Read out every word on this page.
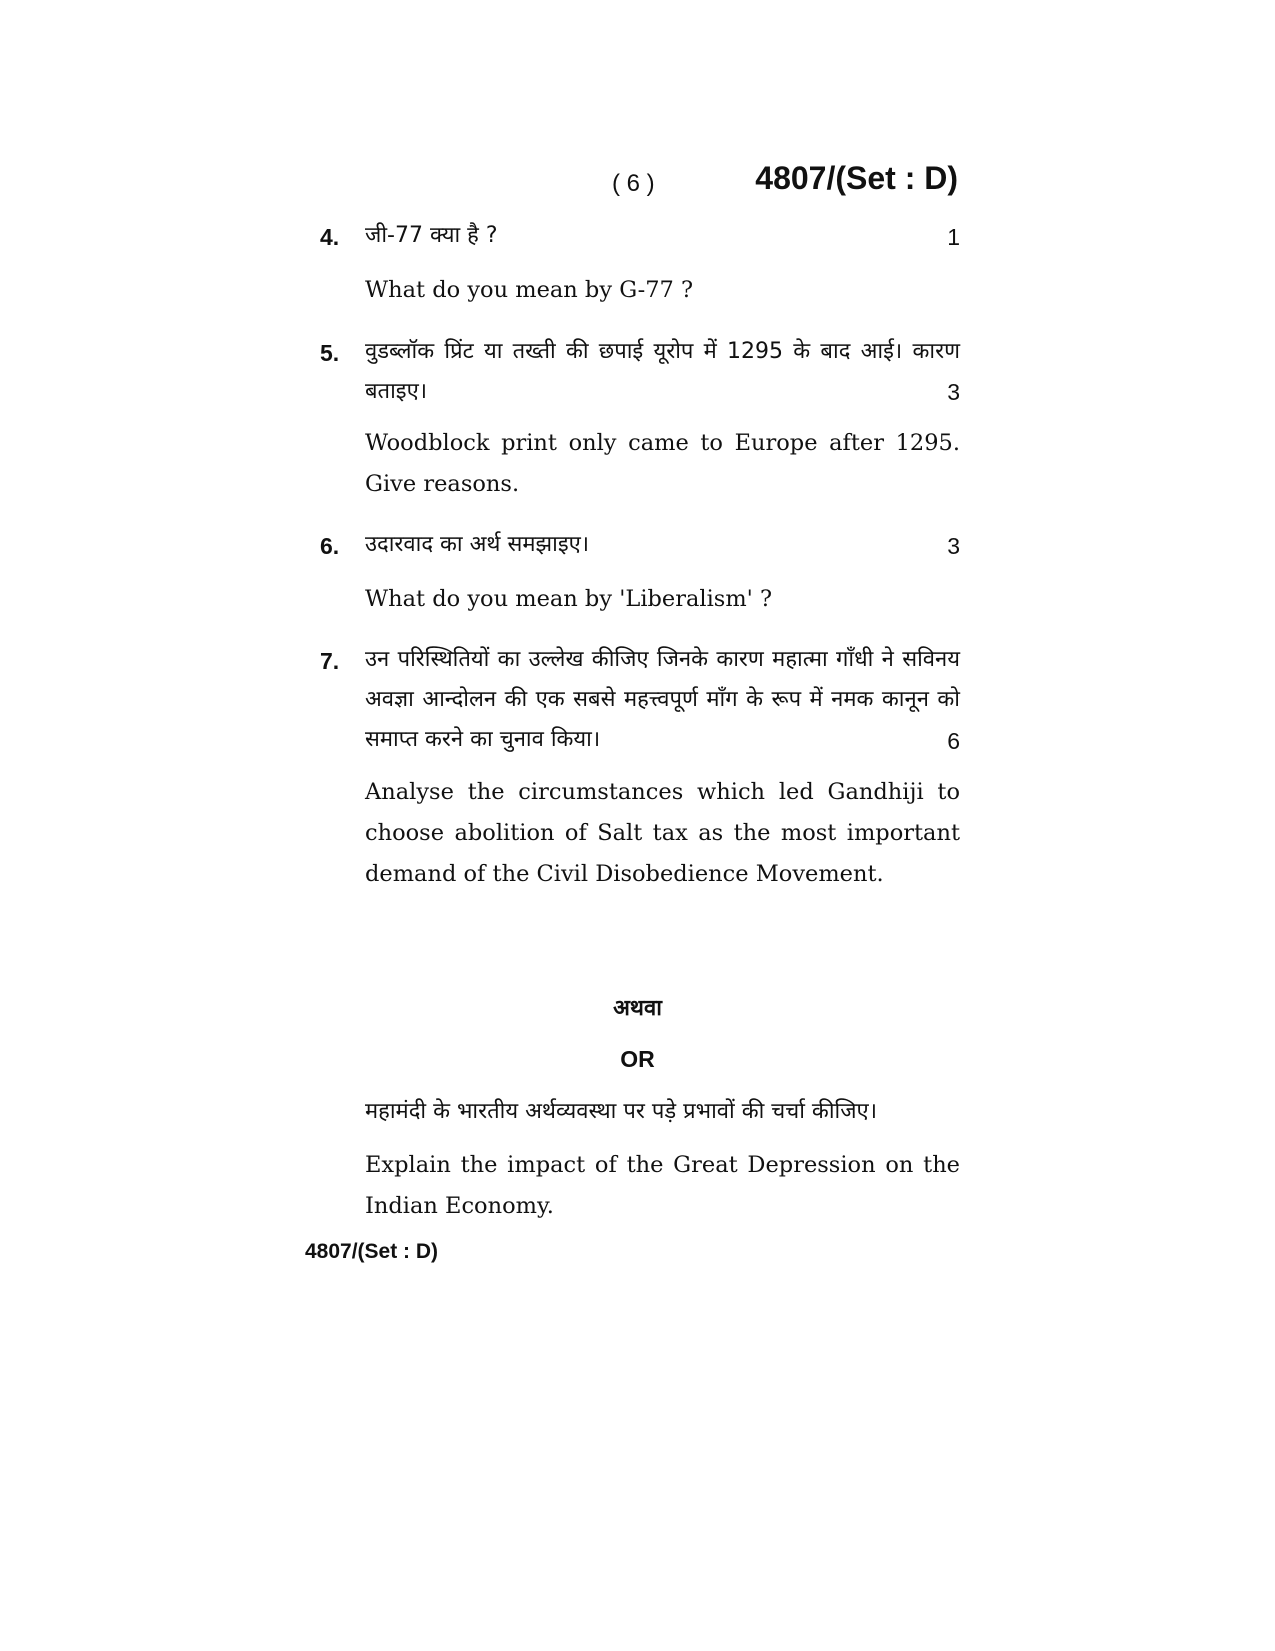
( 6 )	4807/(Set : D)
4. जी-77 क्या है ?	1
What do you mean by G-77 ?
5. वुडब्लॉक प्रिंट या तख्ती की छपाई यूरोप में 1295 के बाद आई। कारण बताइए।	3
Woodblock print only came to Europe after 1295. Give reasons.
6. उदारवाद का अर्थ समझाइए।	3
What do you mean by 'Liberalism' ?
7. उन परिस्थितियों का उल्लेख कीजिए जिनके कारण महात्मा गाँधी ने सविनय अवज्ञा आन्दोलन की एक सबसे महत्त्वपूर्ण माँग के रूप में नमक कानून को समाप्त करने का चुनाव किया।	6
Analyse the circumstances which led Gandhiji to choose abolition of Salt tax as the most important demand of the Civil Disobedience Movement.
अथवा
OR
महामंदी के भारतीय अर्थव्यवस्था पर पड़े प्रभावों की चर्चा कीजिए।
Explain the impact of the Great Depression on the Indian Economy.
4807/(Set : D)
